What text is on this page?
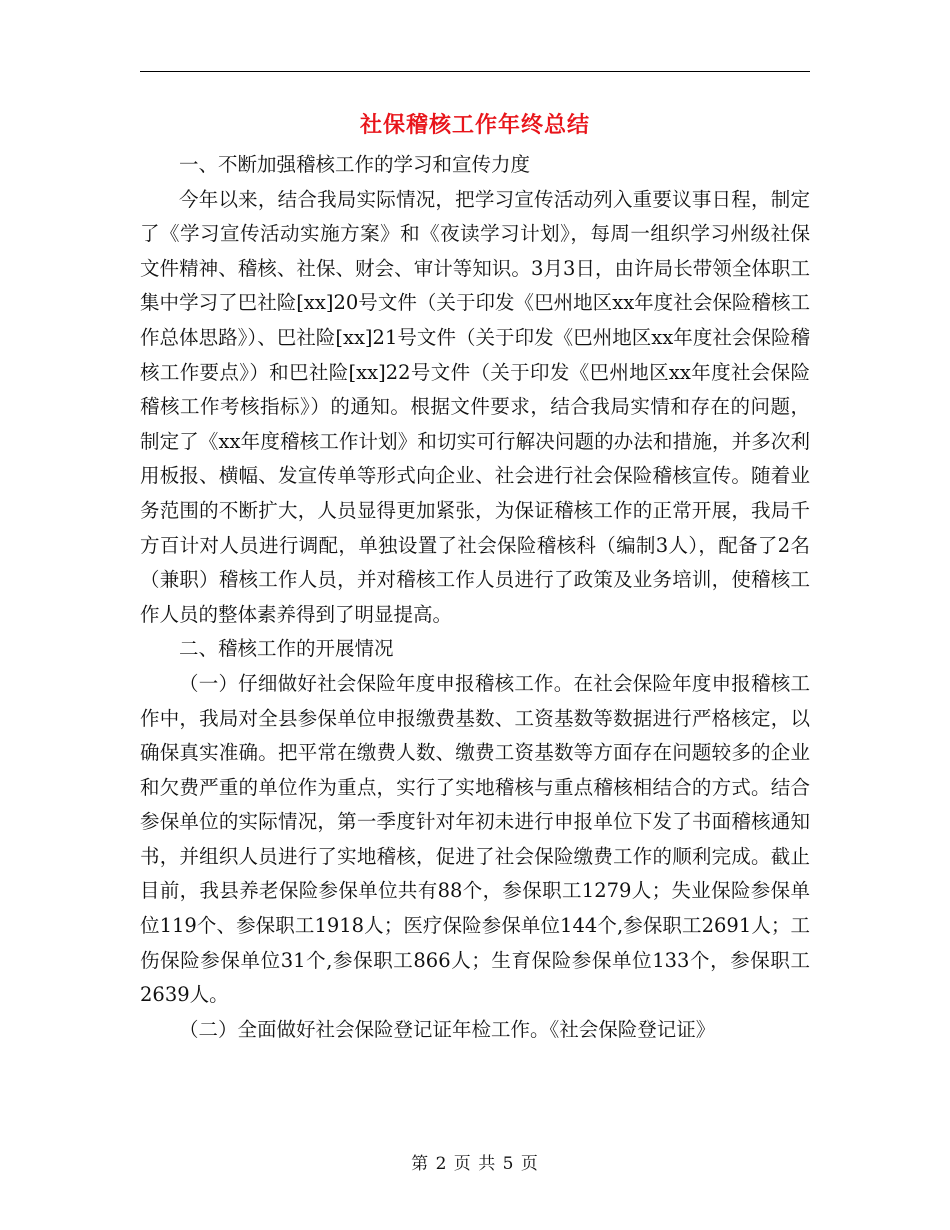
社保稽核工作年终总结

一、不断加强稽核工作的学习和宣传力度

今年以来，结合我局实际情况，把学习宣传活动列入重要议事日程，制定了《学习宣传活动实施方案》和《夜读学习计划》，每周一组织学习州级社保文件精神、稽核、社保、财会、审计等知识。3月3日，由许局长带领全体职工集中学习了巴社险[xx]20号文件（关于印发《巴州地区xx年度社会保险稽核工作总体思路》）、巴社险[xx]21号文件（关于印发《巴州地区xx年度社会保险稽核工作要点》）和巴社险[xx]22号文件（关于印发《巴州地区xx年度社会保险稽核工作考核指标》）的通知。根据文件要求，结合我局实情和存在的问题，制定了《xx年度稽核工作计划》和切实可行解决问题的办法和措施，并多次利用板报、横幅、发宣传单等形式向企业、社会进行社会保险稽核宣传。随着业务范围的不断扩大，人员显得更加紧张，为保证稽核工作的正常开展，我局千方百计对人员进行调配，单独设置了社会保险稽核科（编制3人），配备了2名（兼职）稽核工作人员，并对稽核工作人员进行了政策及业务培训，使稽核工作人员的整体素养得到了明显提高。

二、稽核工作的开展情况

（一）仔细做好社会保险年度申报稽核工作。在社会保险年度申报稽核工作中，我局对全县参保单位申报缴费基数、工资基数等数据进行严格核定，以确保真实准确。把平常在缴费人数、缴费工资基数等方面存在问题较多的企业和欠费严重的单位作为重点，实行了实地稽核与重点稽核相结合的方式。结合参保单位的实际情况，第一季度针对年初未进行申报单位下发了书面稽核通知书，并组织人员进行了实地稽核，促进了社会保险缴费工作的顺利完成。截止目前，我县养老保险参保单位共有88个，参保职工1279人；失业保险参保单位119个、参保职工1918人；医疗保险参保单位144个,参保职工2691人；工伤保险参保单位31个,参保职工866人；生育保险参保单位133个，参保职工2639人。

（二）全面做好社会保险登记证年检工作。《社会保险登记证》

第 2 页 共 5 页
